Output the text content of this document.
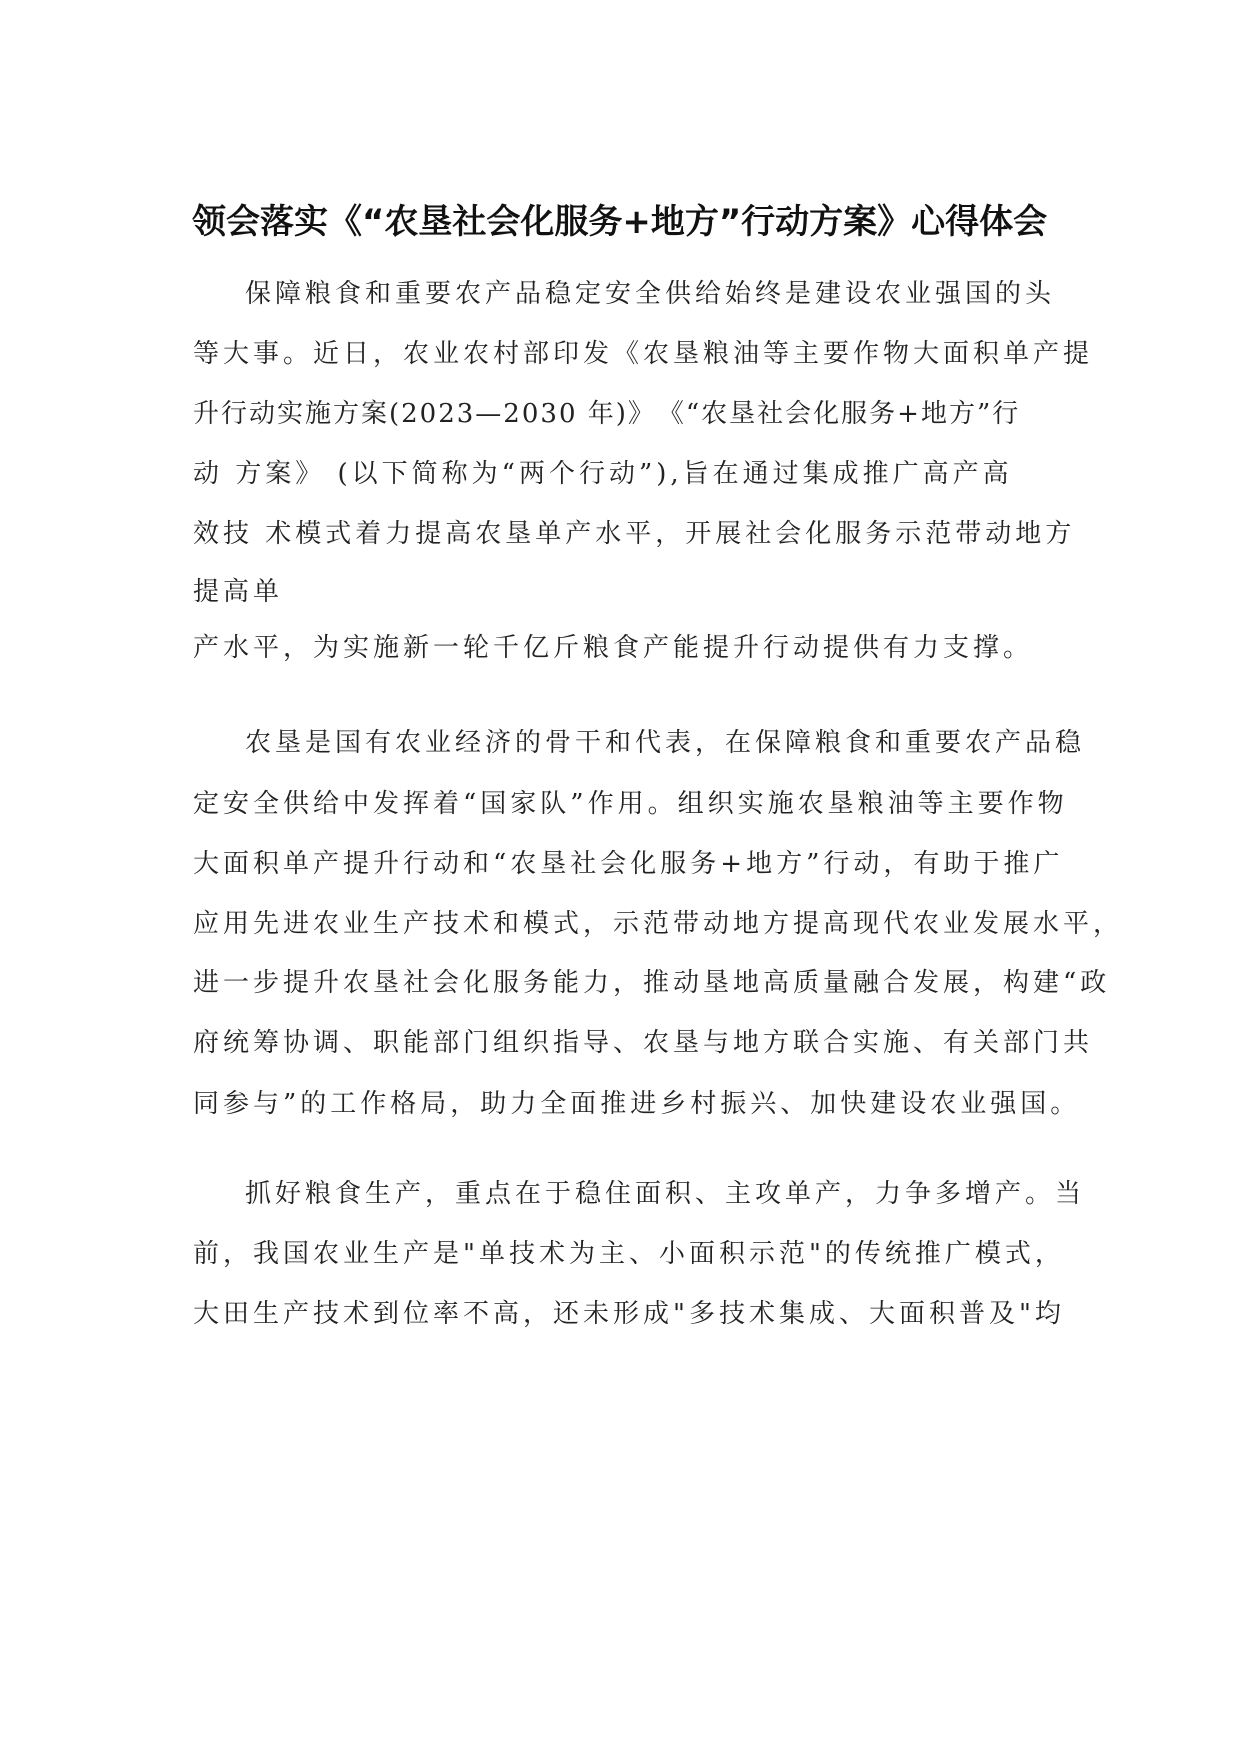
领会落实《“农垦社会化服务+地方”行动方案》心得体会

保障粮食和重要农产品稳定安全供给始终是建设农业强国的头

等大事。近日，农业农村部印发《农垦粮油等主要作物大面积单产提

升行动实施方案(2023—2030 年)》　《“农垦社会化服务+地方”行

动 方案》 (以下简称为“两个行动”),旨在通过集成推广高产高

效技 术模式着力提高农垦单产水平，开展社会化服务示范带动地方

提高单

产水平，为实施新一轮千亿斤粮食产能提升行动提供有力支撑。

农垦是国有农业经济的骨干和代表，在保障粮食和重要农产品稳

定安全供给中发挥着“国家队”作用。组织实施农垦粮油等主要作物

大面积单产提升行动和“农垦社会化服务+地方”行动，有助于推广

应用先进农业生产技术和模式，示范带动地方提高现代农业发展水平，

进一步提升农垦社会化服务能力，推动垦地高质量融合发展，构建“政

府统筹协调、职能部门组织指导、农垦与地方联合实施、有关部门共

同参与”的工作格局，助力全面推进乡村振兴、加快建设农业强国。

抓好粮食生产，重点在于稳住面积、主攻单产，力争多增产。当

前，我国农业生产是"单技术为主、小面积示范"的传统推广模式，

大田生产技术到位率不高，还未形成"多技术集成、大面积普及"均
